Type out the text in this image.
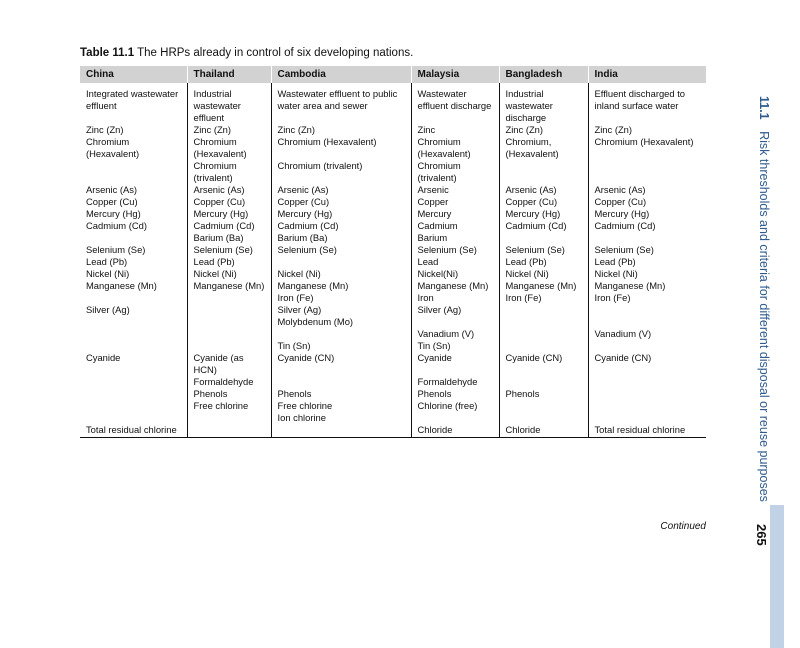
Table 11.1 The HRPs already in control of six developing nations.
China	Thailand	Cambodia	Malaysia	Bangladesh	India
Integrated wastewater effluent	Industrial wastewater effluent	Wastewater effluent to public water area and sewer	Wastewater effluent discharge	Industrial wastewater discharge	Effluent discharged to inland surface water
Zinc (Zn)	Zinc (Zn)	Zinc (Zn)	Zinc	Zinc (Zn)	Zinc (Zn)
Chromium (Hexavalent)	Chromium (Hexavalent)	Chromium (Hexavalent)	Chromium (Hexavalent)	Chromium, (Hexavalent)	Chromium (Hexavalent)
	Chromium (trivalent)	Chromium (trivalent)	Chromium (trivalent)		
Arsenic (As)	Arsenic (As)	Arsenic (As)	Arsenic	Arsenic (As)	Arsenic (As)
Copper (Cu)	Copper (Cu)	Copper (Cu)	Copper	Copper (Cu)	Copper (Cu)
Mercury (Hg)	Mercury (Hg)	Mercury (Hg)	Mercury	Mercury (Hg)	Mercury (Hg)
Cadmium (Cd)	Cadmium (Cd)	Cadmium (Cd)	Cadmium	Cadmium (Cd)	Cadmium (Cd)
	Barium (Ba)	Barium (Ba)	Barium		
Selenium (Se)	Selenium (Se)	Selenium (Se)	Selenium (Se)	Selenium (Se)	Selenium (Se)
Lead (Pb)	Lead (Pb)		Lead	Lead (Pb)	Lead (Pb)
Nickel (Ni)	Nickel (Ni)	Nickel (Ni)	Nickel(Ni)	Nickel (Ni)	Nickel (Ni)
Manganese (Mn)	Manganese (Mn)	Manganese (Mn)	Manganese (Mn)	Manganese (Mn)	Manganese (Mn)
		Iron (Fe)	Iron	Iron (Fe)	Iron (Fe)
Silver (Ag)		Silver (Ag)	Silver (Ag)		
		Molybdenum (Mo)			
			Vanadium (V)		Vanadium (V)
		Tin (Sn)	Tin (Sn)		
Cyanide	Cyanide (as HCN)	Cyanide (CN)	Cyanide	Cyanide (CN)	Cyanide (CN)
	Formaldehyde		Formaldehyde		
	Phenols	Phenols	Phenols	Phenols	
	Free chlorine	Free chlorine	Chlorine (free)		
		Ion chlorine			
Total residual chlorine			Chloride	Chloride	Total residual chlorine
Continued
11.1 Risk thresholds and criteria for different disposal or reuse purposes
265
